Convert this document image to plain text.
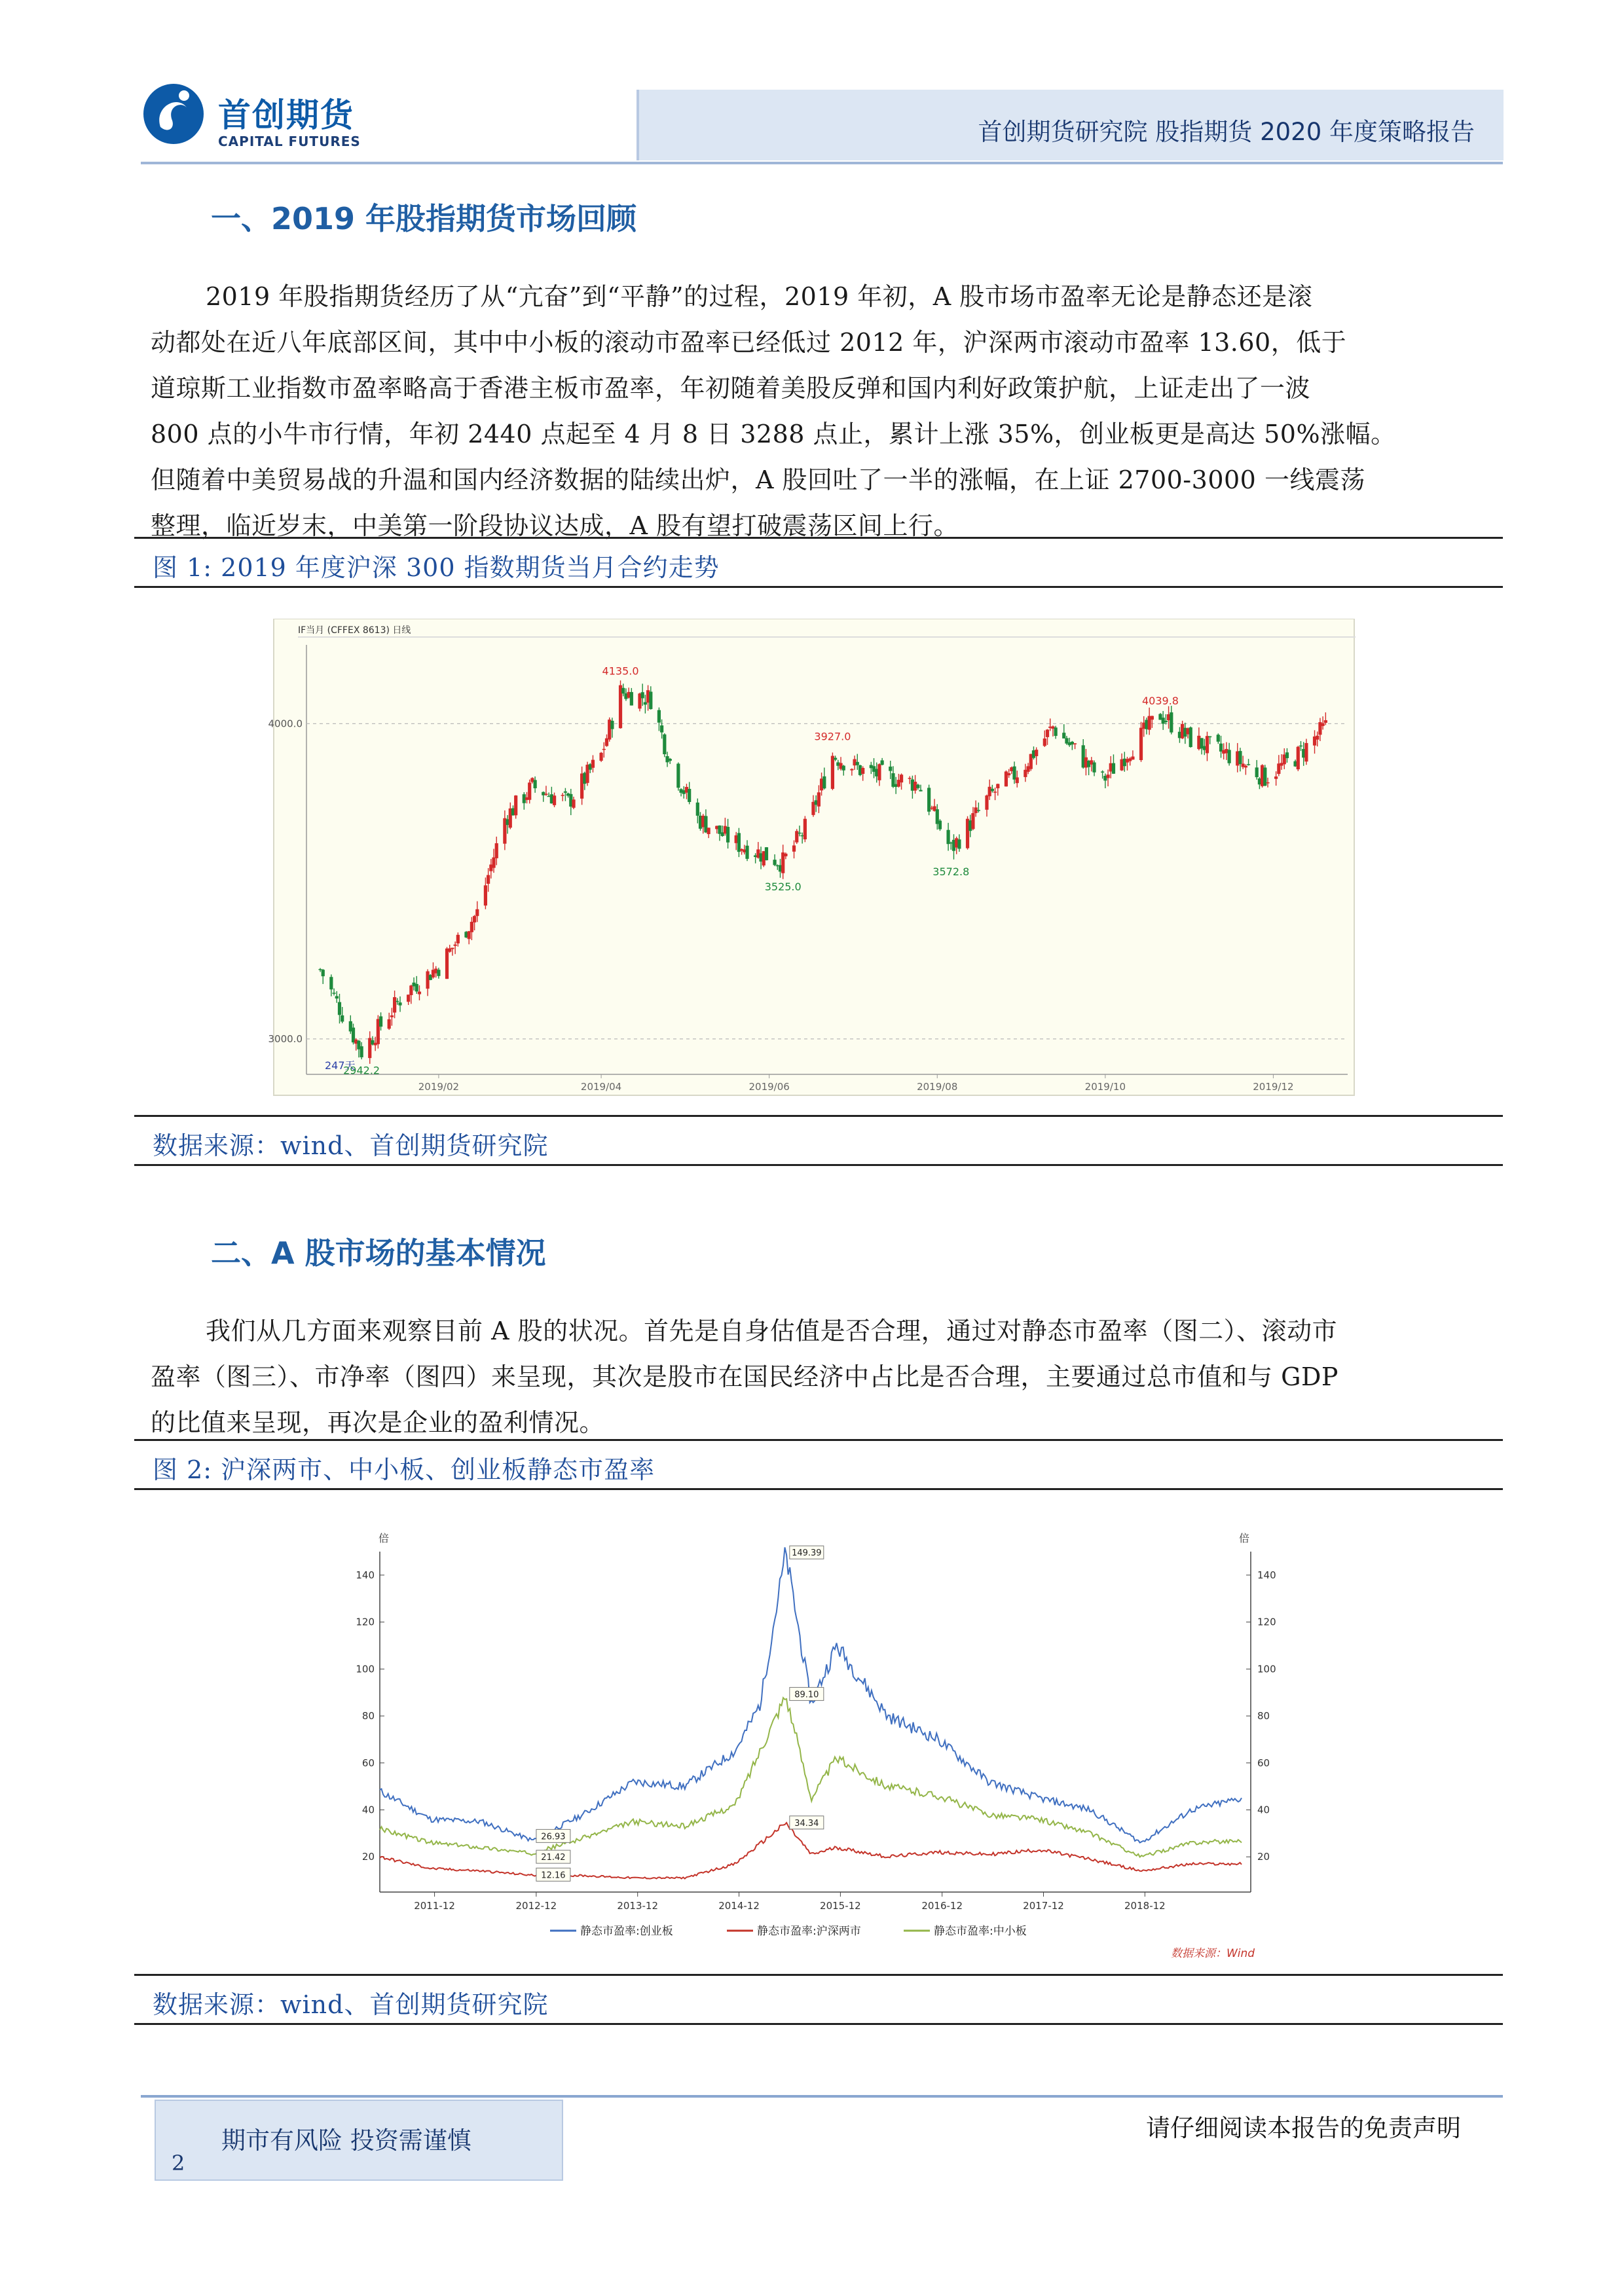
首创期货
CAPITAL FUTURES	首创期货研究院 股指期货 2020 年度策略报告
一、2019 年股指期货市场回顾
2019 年股指期货经历了从“亢奋”到“平静”的过程，2019 年初，A 股市场市盈率无论是静态还是滚
动都处在近八年底部区间，其中中小板的滚动市盈率已经低过 2012 年，沪深两市滚动市盈率 13.60，低于
道琼斯工业指数市盈率略高于香港主板市盈率，年初随着美股反弹和国内利好政策护航，上证走出了一波
800 点的小牛市行情，年初 2440 点起至 4 月 8 日 3288 点止，累计上涨 35%，创业板更是高达 50%涨幅。
但随着中美贸易战的升温和国内经济数据的陆续出炉，A 股回吐了一半的涨幅，在上证 2700-3000 一线震荡
整理，临近岁末，中美第一阶段协议达成，A 股有望打破震荡区间上行。
图 1: 2019 年度沪深 300 指数期货当月合约走势
IF当月 (CFFEX 8613) 日线
3000.0
4000.0
2019/02	2019/04	2019/06	2019/08	2019/10	2019/12
4135.0
3927.0
4039.8
3525.0
3572.8
2942.2
247天
数据来源：wind、首创期货研究院
二、A 股市场的基本情况
我们从几方面来观察目前 A 股的状况。首先是自身估值是否合理，通过对静态市盈率（图二）、滚动市
盈率（图三）、市净率（图四）来呈现，其次是股市在国民经济中占比是否合理，主要通过总市值和与 GDP
的比值来呈现，再次是企业的盈利情况。
图 2: 沪深两市、中小板、创业板静态市盈率
倍	倍
20	20
40	40
60	60
80	80
100	100
120	120
140	140
2011-12	2012-12	2013-12	2014-12	2015-12	2016-12	2017-12	2018-12
149.39
89.10
34.34
26.93
21.42
12.16
静态市盈率:创业板	静态市盈率:沪深两市	静态市盈率:中小板
数据来源：Wind
数据来源：wind、首创期货研究院
期市有风险 投资需谨慎
2
请仔细阅读本报告的免责声明
